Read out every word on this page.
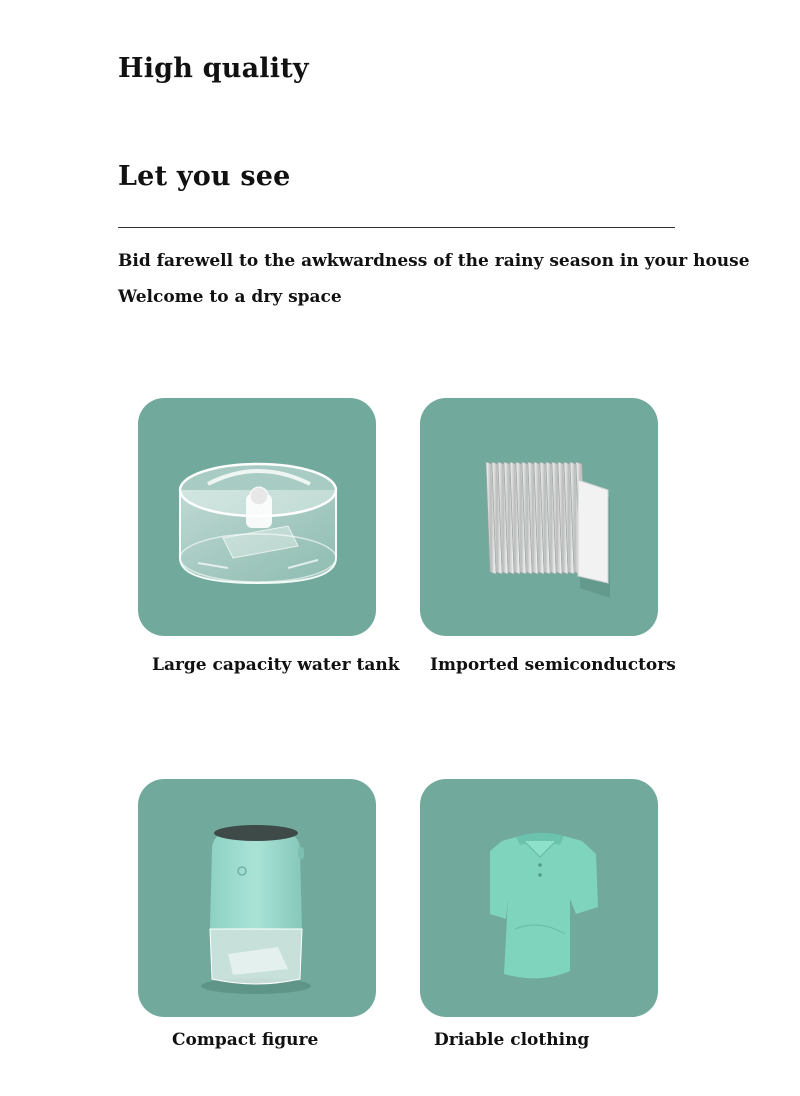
High quality
Let you see
Bid farewell to the awkwardness of the rainy season in your house
Welcome to a dry space
Large capacity water tank Imported semiconductors
Compact figure	Driable clothing
